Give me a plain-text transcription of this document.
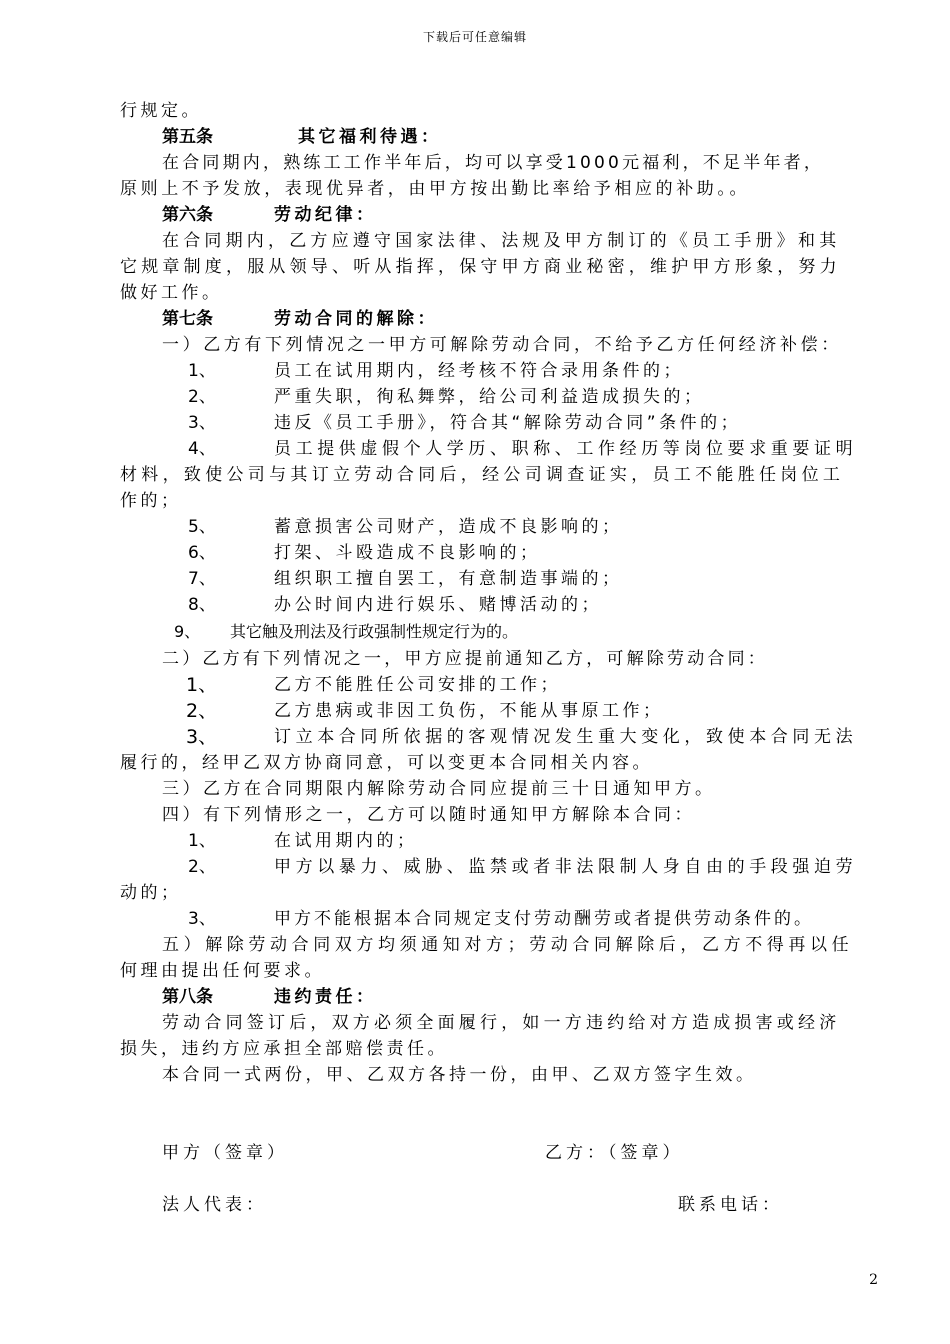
下载后可任意编辑
行规定。
第五条	其它福利待遇：
在合同期内，熟练工工作半年后，均可以享受1000元福利，不足半年者，
原则上不予发放，表现优异者，由甲方按出勤比率给予相应的补助。。
第六条	劳动纪律：
在合同期内，乙方应遵守国家法律、法规及甲方制订的《员工手册》和其
它规章制度，服从领导、听从指挥，保守甲方商业秘密，维护甲方形象，努力
做好工作。
第七条	劳动合同的解除：
一）乙方有下列情况之一甲方可解除劳动合同，不给予乙方任何经济补偿：
1、	员工在试用期内，经考核不符合录用条件的；
2、	严重失职，徇私舞弊，给公司利益造成损失的；
3、	违反《员工手册》，符合其“解除劳动合同”条件的；
4、	员工提供虚假个人学历、职称、工作经历等岗位要求重要证明
材料，致使公司与其订立劳动合同后，经公司调查证实，员工不能胜任岗位工
作的；
5、	蓄意损害公司财产，造成不良影响的；
6、	打架、斗殴造成不良影响的；
7、	组织职工擅自罢工，有意制造事端的；
8、	办公时间内进行娱乐、赌博活动的；
9、 其它触及刑法及行政强制性规定行为的。
二）乙方有下列情况之一，甲方应提前通知乙方，可解除劳动合同：
1、	乙方不能胜任公司安排的工作；
2、	乙方患病或非因工负伤，不能从事原工作；
3、	订立本合同所依据的客观情况发生重大变化，致使本合同无法
履行的，经甲乙双方协商同意，可以变更本合同相关内容。
三）乙方在合同期限内解除劳动合同应提前三十日通知甲方。
四）有下列情形之一，乙方可以随时通知甲方解除本合同：
1、	在试用期内的；
2、	甲方以暴力、威胁、监禁或者非法限制人身自由的手段强迫劳
动的；
3、	甲方不能根据本合同规定支付劳动酬劳或者提供劳动条件的。
五）解除劳动合同双方均须通知对方；劳动合同解除后，乙方不得再以任
何理由提出任何要求。
第八条	违约责任：
劳动合同签订后，双方必须全面履行，如一方违约给对方造成损害或经济
损失，违约方应承担全部赔偿责任。
本合同一式两份，甲、乙双方各持一份，由甲、乙双方签字生效。
甲方（签章）	乙方：（签章）
法人代表：	联系电话：
2
